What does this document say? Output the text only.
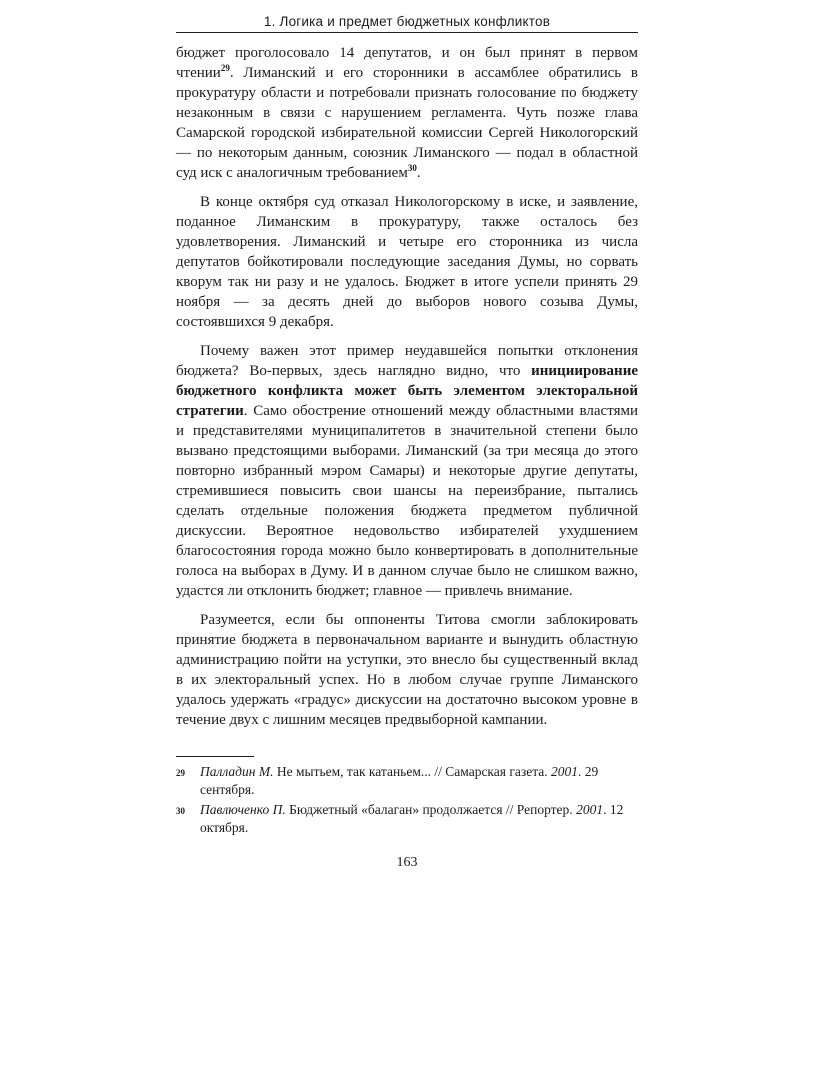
1. Логика и предмет бюджетных конфликтов

бюджет проголосовало 14 депутатов, и он был принят в первом чтении$^{29}$. Лиманский и его сторонники в ассамблее обратились в прокуратуру области и потребовали признать голосование по бюджету незаконным в связи с нарушением регламента. Чуть позже глава Самарской городской избирательной комиссии Сергей Никологорский — по некоторым данным, союзник Лиманского — подал в областной суд иск с аналогичным требованием$^{30}$.

В конце октября суд отказал Никологорскому в иске, и заявление, поданное Лиманским в прокуратуру, также осталось без удовлетворения. Лиманский и четыре его сторонника из числа депутатов бойкотировали последующие заседания Думы, но сорвать кворум так ни разу и не удалось. Бюджет в итоге успели принять 29 ноября — за десять дней до выборов нового созыва Думы, состоявшихся 9 декабря.

Почему важен этот пример неудавшейся попытки отклонения бюджета? Во-первых, здесь наглядно видно, что инициирование бюджетного конфликта может быть элементом электоральной стратегии. Само обострение отношений между областными властями и представителями муниципалитетов в значительной степени было вызвано предстоящими выборами. Лиманский (за три месяца до этого повторно избранный мэром Самары) и некоторые другие депутаты, стремившиеся повысить свои шансы на переизбрание, пытались сделать отдельные положения бюджета предметом публичной дискуссии. Вероятное недовольство избирателей ухудшением благосостояния города можно было конвертировать в дополнительные голоса на выборах в Думу. И в данном случае было не слишком важно, удастся ли отклонить бюджет; главное — привлечь внимание.

Разумеется, если бы оппоненты Титова смогли заблокировать принятие бюджета в первоначальном варианте и вынудить областную администрацию пойти на уступки, это внесло бы существенный вклад в их электоральный успех. Но в любом случае группе Лиманского удалось удержать «градус» дискуссии на достаточно высоком уровне в течение двух с лишним месяцев предвыборной кампании.

29	Палладин М. Не мытьем, так катаньем... // Самарская газета. 2001. 29 сентября.
30	Павлюченко П. Бюджетный «балаган» продолжается // Репортер. 2001. 12 октября.
163
